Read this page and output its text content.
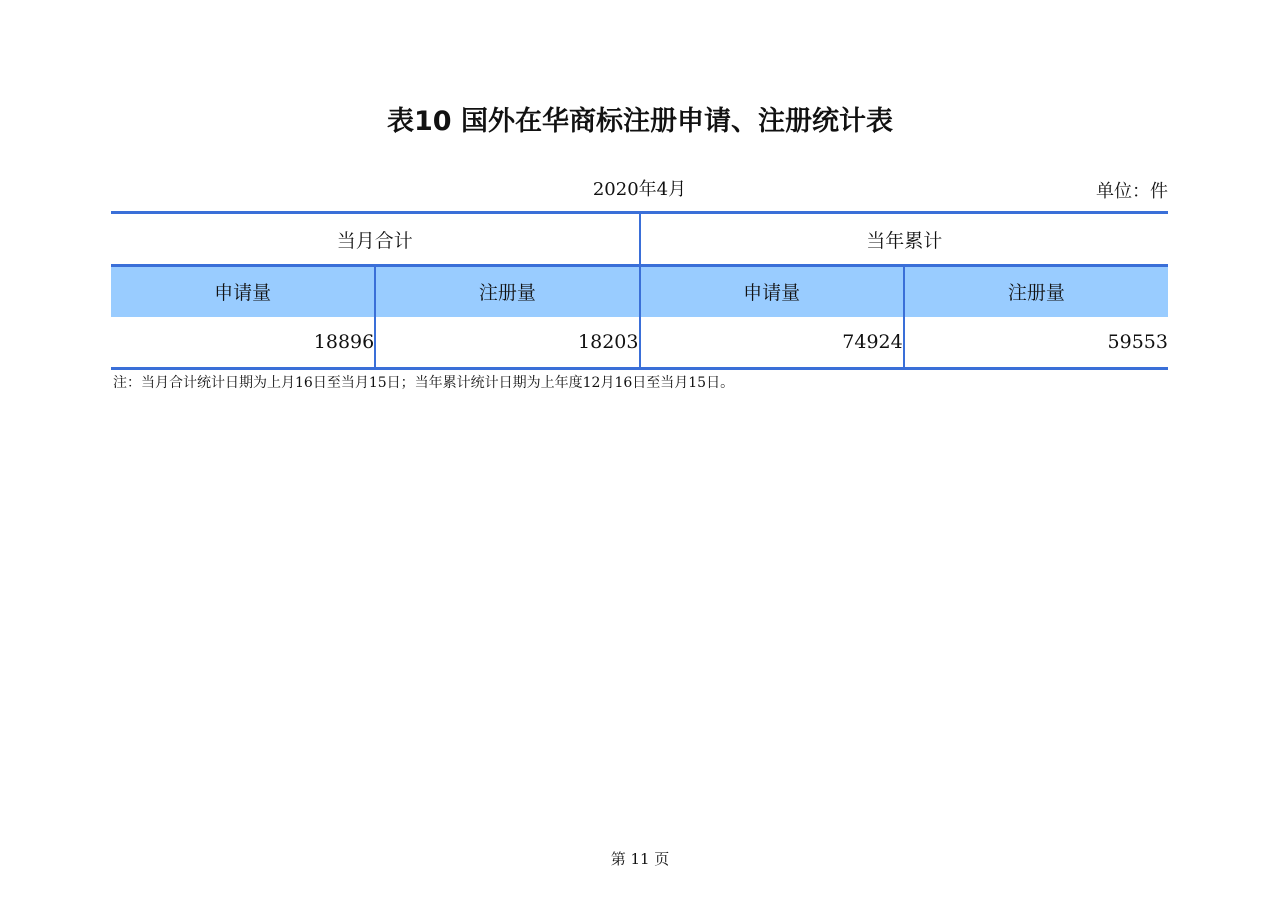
表10 国外在华商标注册申请、注册统计表
2020年4月	单位：件
当月合计		当年累计	
申请量	注册量	申请量	注册量
18896	18203	74924	59553
注：当月合计统计日期为上月16日至当月15日；当年累计统计日期为上年度12月16日至当月15日。
第 11 页
